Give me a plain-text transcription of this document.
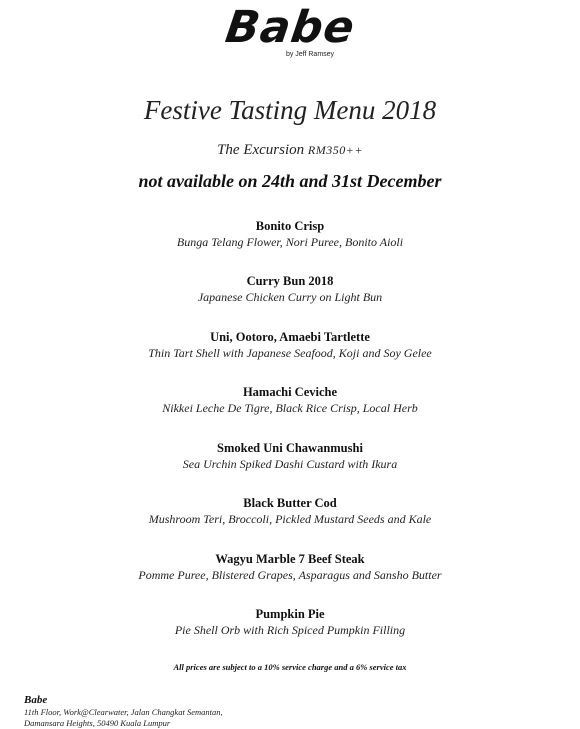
Babe
by Jeff Ramsey
Festive Tasting Menu 2018
The Excursion RM350++
not available on 24th and 31st December
Bonito Crisp
Bunga Telang Flower, Nori Puree, Bonito Aioli
Curry Bun 2018
Japanese Chicken Curry on Light Bun
Uni, Ootoro, Amaebi Tartlette
Thin Tart Shell with Japanese Seafood, Koji and Soy Gelee
Hamachi Ceviche
Nikkei Leche De Tigre, Black Rice Crisp, Local Herb
Smoked Uni Chawanmushi
Sea Urchin Spiked Dashi Custard with Ikura
Black Butter Cod
Mushroom Teri, Broccoli, Pickled Mustard Seeds and Kale
Wagyu Marble 7 Beef Steak
Pomme Puree, Blistered Grapes, Asparagus and Sansho Butter
Pumpkin Pie
Pie Shell Orb with Rich Spiced Pumpkin Filling
All prices are subject to a 10% service charge and a 6% service tax
Babe
11th Floor, Work@Clearwater, Jalan Changkat Semantan,
Damansara Heights, 50490 Kuala Lumpur
